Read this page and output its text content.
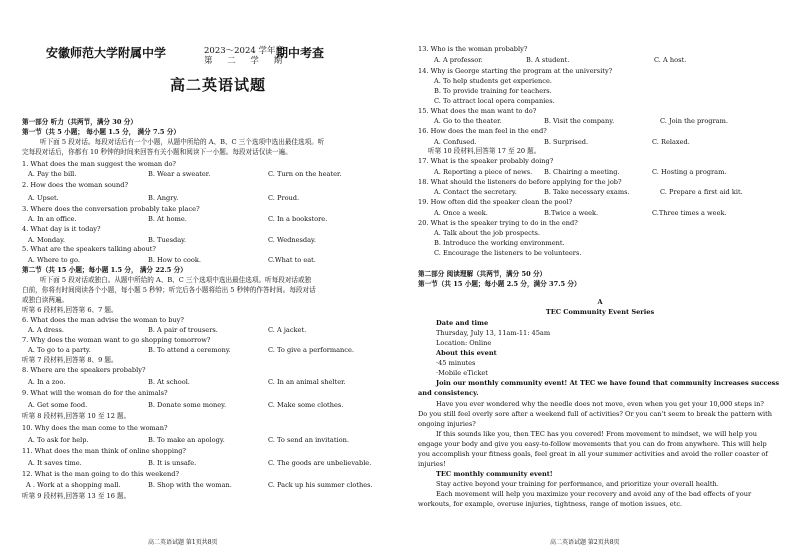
安徽师范大学附属中学	2023～2024 学年度
第 二 学 期
期中考查
高二英语试题
第一部分 听力（共两节，满分 30 分）
第一节（共 5 小题； 每小题 1.5 分， 满分 7.5 分）
听下面 5 段对话。每段对话后有一个小题，从题中所给的 A、B、C 三个选项中选出最佳选项。听
完每段对话后，你都有 10 秒钟的时间来回答有关小题和阅读下一小题。每段对话仅读一遍。
1. What does the man suggest the woman do?
A. Pay the bill.	B. Wear a sweater.	C. Turn on the heater.
2. How does the woman sound?
A. Upset.	B. Angry.	C. Proud.
3. Where does the conversation probably take place?
A. In an office.	B. At home.	C. In a bookstore.
4. What day is it today?
A. Monday.	B. Tuesday.	C. Wednesday.
5. What are the speakers talking about?
A. Where to go.	B. How to cook.	C.What to eat.
第二节（共 15 小题；每小题 1.5 分， 满分 22.5 分）
听下面 5 段对话或独白。从题中所给的 A、B、C 三个选项中选出最佳选项。听每段对话或独
白前，你将有时间阅读各个小题，每小题 5 秒钟；听完后各小题将给出 5 秒钟的作答时间。每段对话
或独白读两遍。
听第 6 段材料,回答第 6、7 题。
6. What does the man advise the woman to buy?
A. A dress.	B. A pair of trousers.	C. A jacket.
7. Why does the woman want to go shopping tomorrow?
A. To go to a party.	B. To attend a ceremony.	C. To give a performance.
听第 7 段材料,回答第 8、9 题。
8. Where are the speakers probably?
A. In a zoo.	B. At school.	C. In an animal shelter.
9. What will the woman do for the animals?
A. Get some food.	B. Donate some money.	C. Make some clothes.
听第 8 段材料,回答第 10 至 12 题。
10. Why does the man come to the woman?
A. To ask for help.	B. To make an apology.	C. To send an invitation.
11. What does the man think of online shopping?
A. It saves time.	B. It is unsafe.	C. The goods are unbelievable.
12. What is the man going to do this weekend?
A . Work at a shopping mall.	B. Shop with the woman.	C. Pack up his summer clothes.
听第 9 段材料,回答第 13 至 16 题。
高二英语试题 第1页共8页
13. Who is the woman probably?
A. A professor.	B. A student.	C. A host.
14. Why is George starting the program at the university?
A. To help students get experience.
B. To provide training for teachers.
C. To attract local opera companies.
15. What does the man want to do?
A. Go to the theater.	B. Visit the company.	C. Join the program.
16. How does the man feel in the end?
A. Confused.	B. Surprised.	C. Relaxed.
听第 10 段材料,回答第 17 至 20 题。
17. What is the speaker probably doing?
A. Reporting a piece of news. B. Chairing a meeting.	C. Hosting a program.
18. What should the listeners do before applying for the job?
A. Contact the secretary.	B. Take necessary exams.	C. Prepare a first aid kit.
19. How often did the speaker clean the pool?
A. Once a week.	B.Twice a week.	C.Three times a week.
20. What is the speaker trying to do in the end?
A. Talk about the job prospects.
B. Introduce the working environment.
C. Encourage the listeners to be volunteers.
第二部分 阅读理解（共两节，满分 50 分）
第一节（共 15 小题；每小题 2.5 分，满分 37.5 分）
A
TEC Community Event Series
Date and time
Thursday, July 13, 11am-11: 45am
Location: Online
About this event
·45 minutes
·Mobile eTicket
Join our monthly community event! At TEC we have found that community increases success
and consistency.
Have you ever wondered why the needle does not move, even when you get your 10,000 steps in?
Do you still feel overly sore after a weekend full of activities? Or you can't seem to break the pattern with
ongoing injuries?
If this sounds like you, then TEC has you covered! From movement to mindset, we will help you
engage your body and give you easy-to-follow movements that you can do from anywhere. This will help
you accomplish your fitness goals, feel great in all your summer activities and avoid the roller coaster of
injuries!
TEC monthly community event!
Stay active beyond your training for performance, and prioritize your overall health.
Each movement will help you maximize your recovery and avoid any of the bad effects of your
workouts, for example, overuse injuries, tightness, range of motion issues, etc.
高二英语试题 第2页共8页
